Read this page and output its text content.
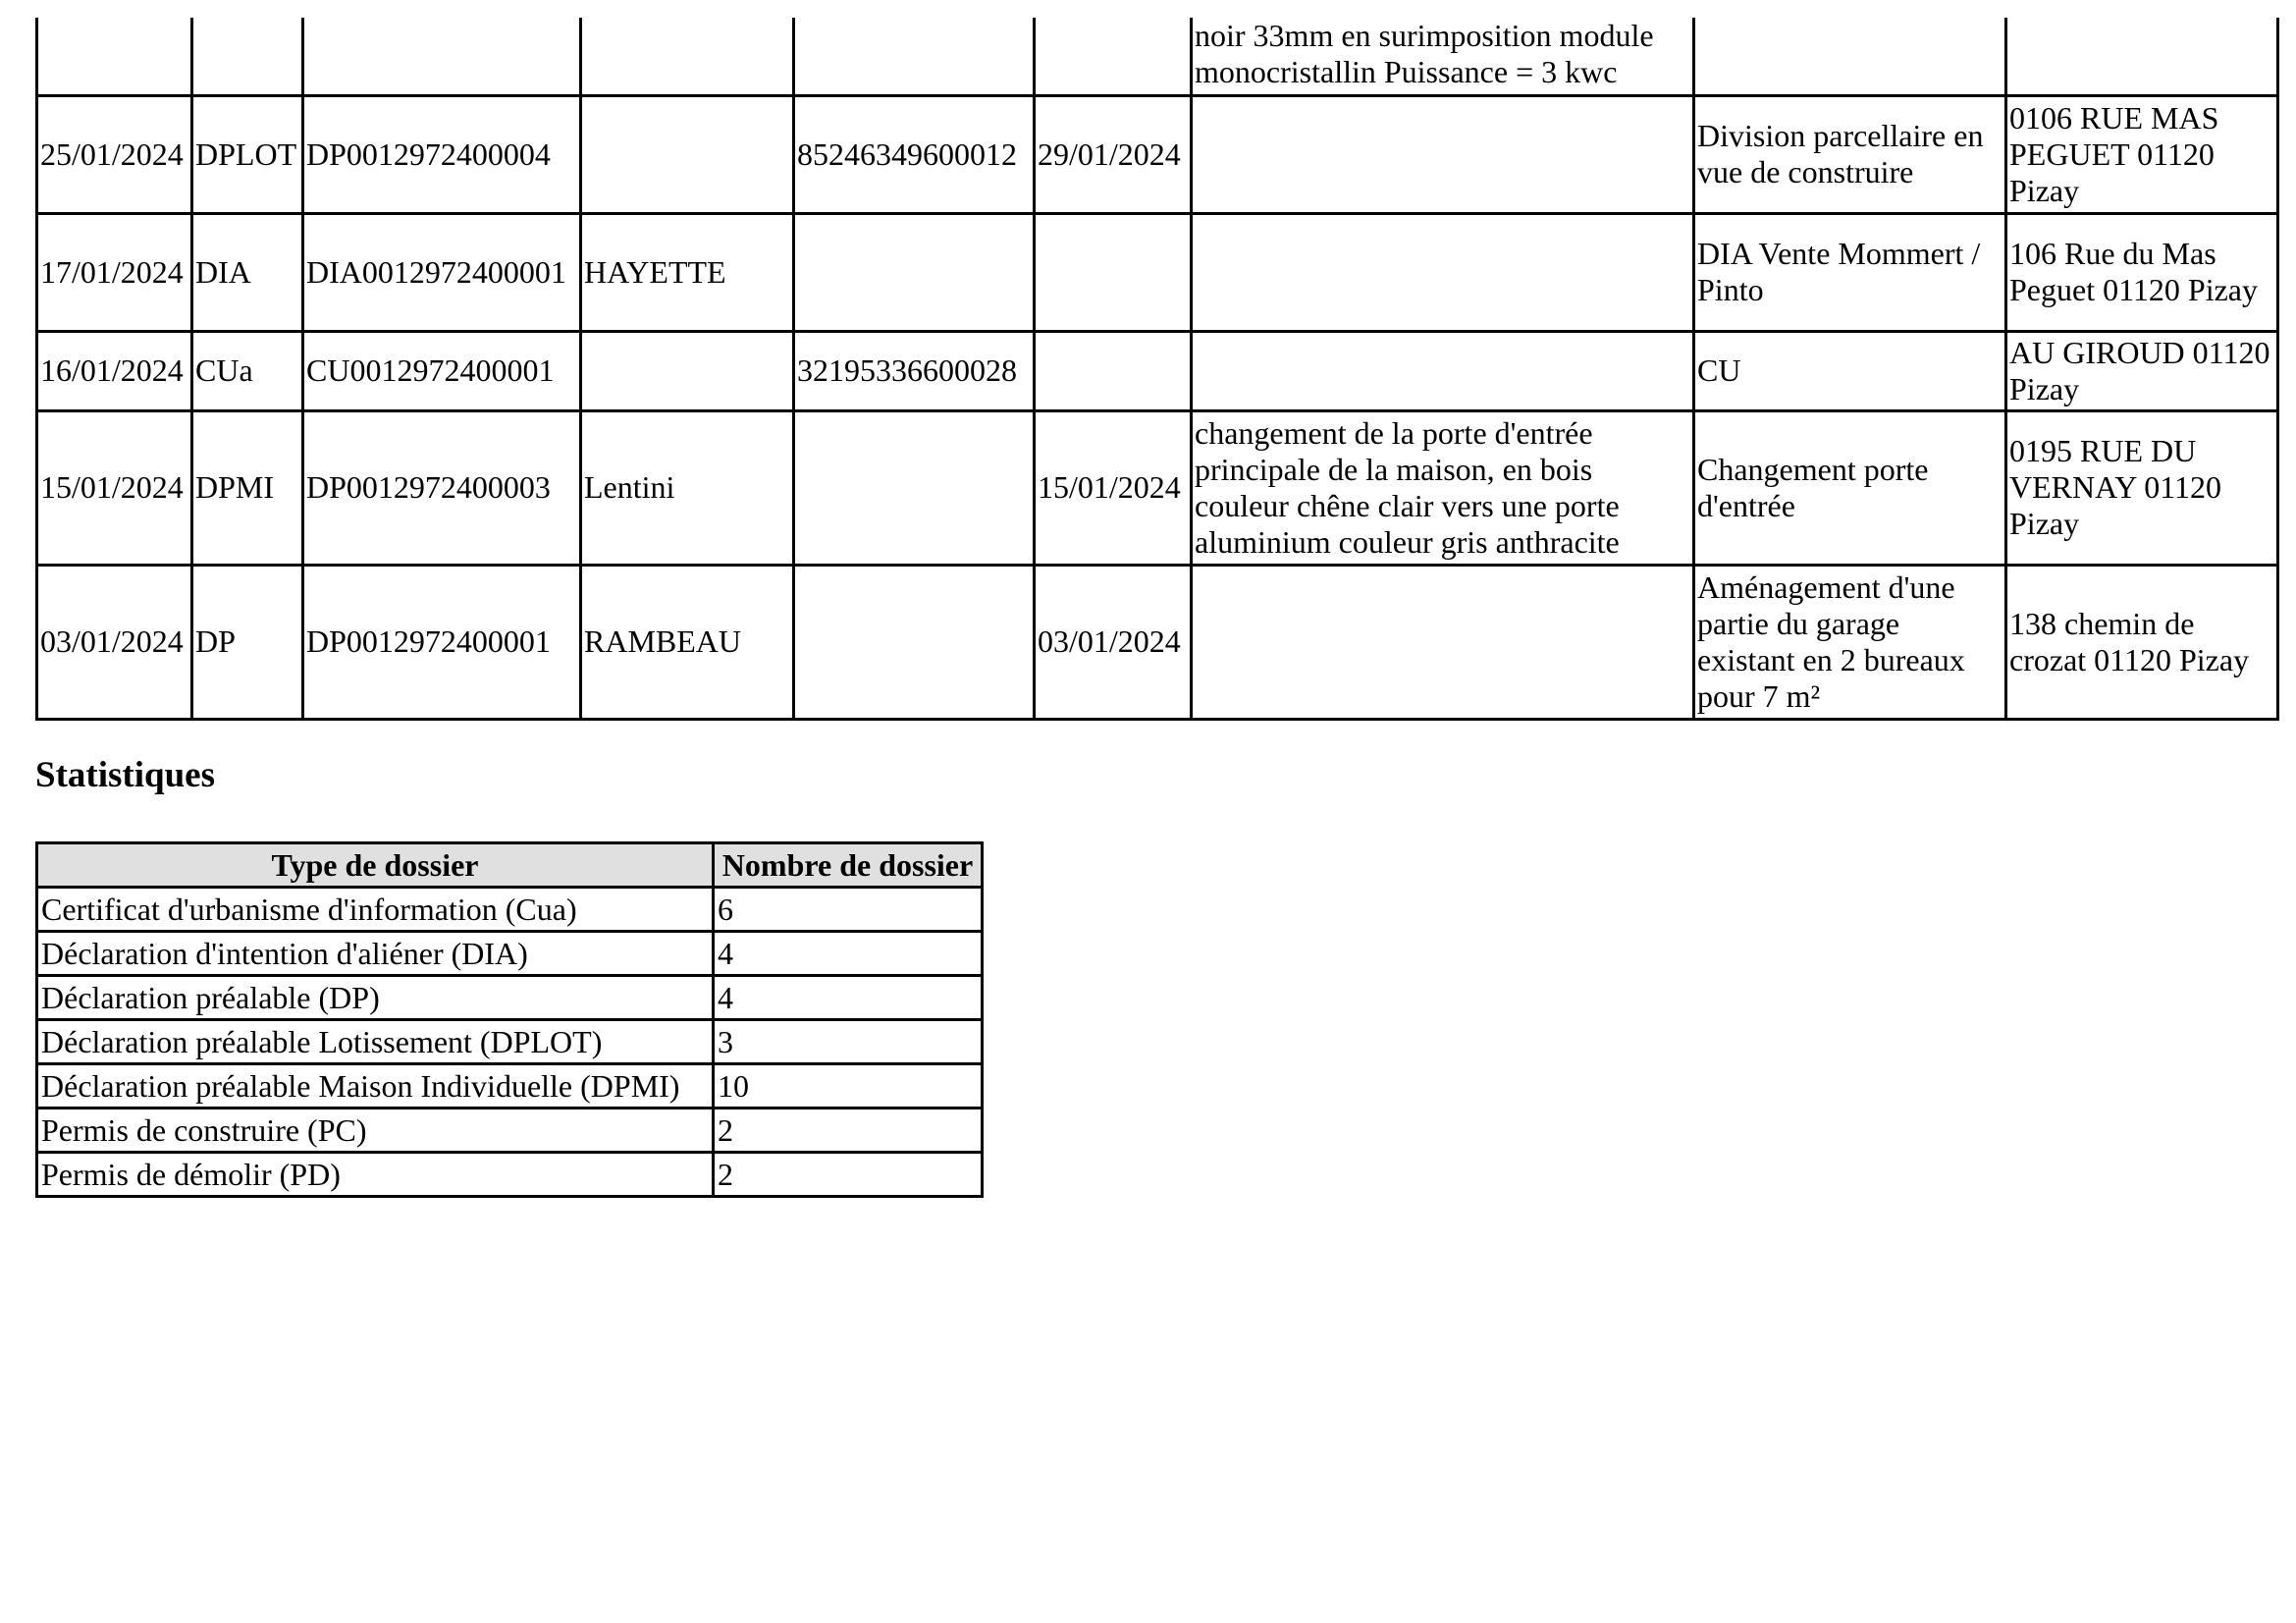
						noir 33mm en surimposition module monocristallin Puissance = 3 kwc		
25/01/2024	DPLOT	DP0012972400004		85246349600012	29/01/2024		Division parcellaire en vue de construire	0106 RUE MAS PEGUET 01120 Pizay
17/01/2024	DIA	DIA0012972400001	HAYETTE				DIA Vente Mommert / Pinto	106 Rue du Mas Peguet 01120 Pizay
16/01/2024	CUa	CU0012972400001		32195336600028			CU	AU GIROUD 01120 Pizay
15/01/2024	DPMI	DP0012972400003	Lentini		15/01/2024	changement de la porte d'entrée principale de la maison, en bois couleur chêne clair vers une porte aluminium couleur gris anthracite	Changement porte d'entrée	0195 RUE DU VERNAY 01120 Pizay
03/01/2024	DP	DP0012972400001	RAMBEAU		03/01/2024		Aménagement d'une partie du garage existant en 2 bureaux pour 7 m²	138 chemin de crozat 01120 Pizay
Statistiques
Type de dossier	Nombre de dossier
Certificat d'urbanisme d'information (Cua)	6
Déclaration d'intention d'aliéner (DIA)	4
Déclaration préalable (DP)	4
Déclaration préalable Lotissement (DPLOT)	3
Déclaration préalable Maison Individuelle (DPMI)	10
Permis de construire (PC)	2
Permis de démolir (PD)	2
